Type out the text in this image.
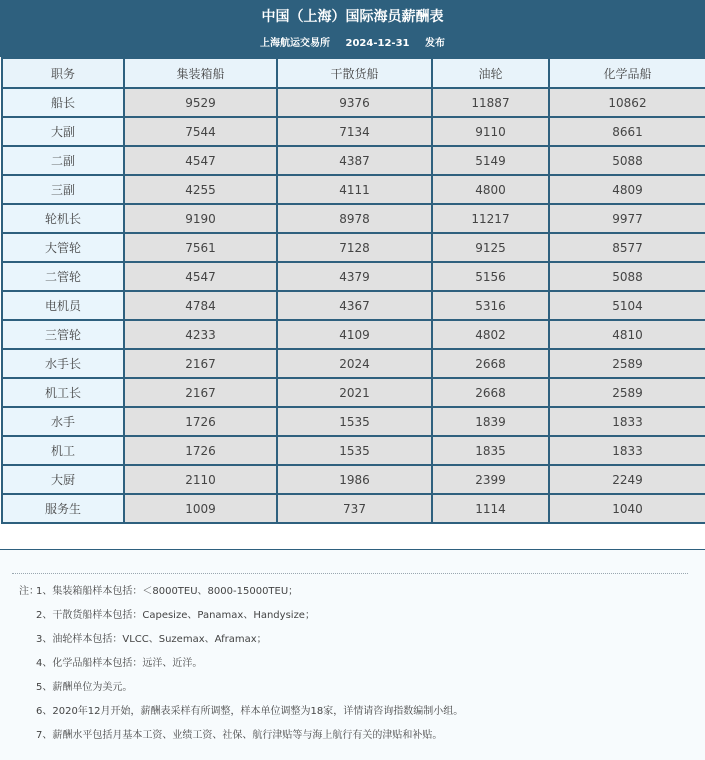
中国（上海）国际海员薪酬表
上海航运交易所 2024-12-31 发布
职务	集装箱船	干散货船	油轮	化学品船
船长	9529	9376	11887	10862
大副	7544	7134	9110	8661
二副	4547	4387	5149	5088
三副	4255	4111	4800	4809
轮机长	9190	8978	11217	9977
大管轮	7561	7128	9125	8577
二管轮	4547	4379	5156	5088
电机员	4784	4367	5316	5104
三管轮	4233	4109	4802	4810
水手长	2167	2024	2668	2589
机工长	2167	2021	2668	2589
水手	1726	1535	1839	1833
机工	1726	1535	1835	1833
大厨	2110	1986	2399	2249
服务生	1009	737	1114	1040
注：1、集装箱船样本包括：＜8000TEU、8000-15000TEU；
2、干散货船样本包括：Capesize、Panamax、Handysize；
3、油轮样本包括：VLCC、Suzemax、Aframax；
4、化学品船样本包括：远洋、近洋。
5、薪酬单位为美元。
6、2020年12月开始，薪酬表采样有所调整，样本单位调整为18家，详情请咨询指数编制小组。
7、薪酬水平包括月基本工资、业绩工资、社保、航行津贴等与海上航行有关的津贴和补贴。
